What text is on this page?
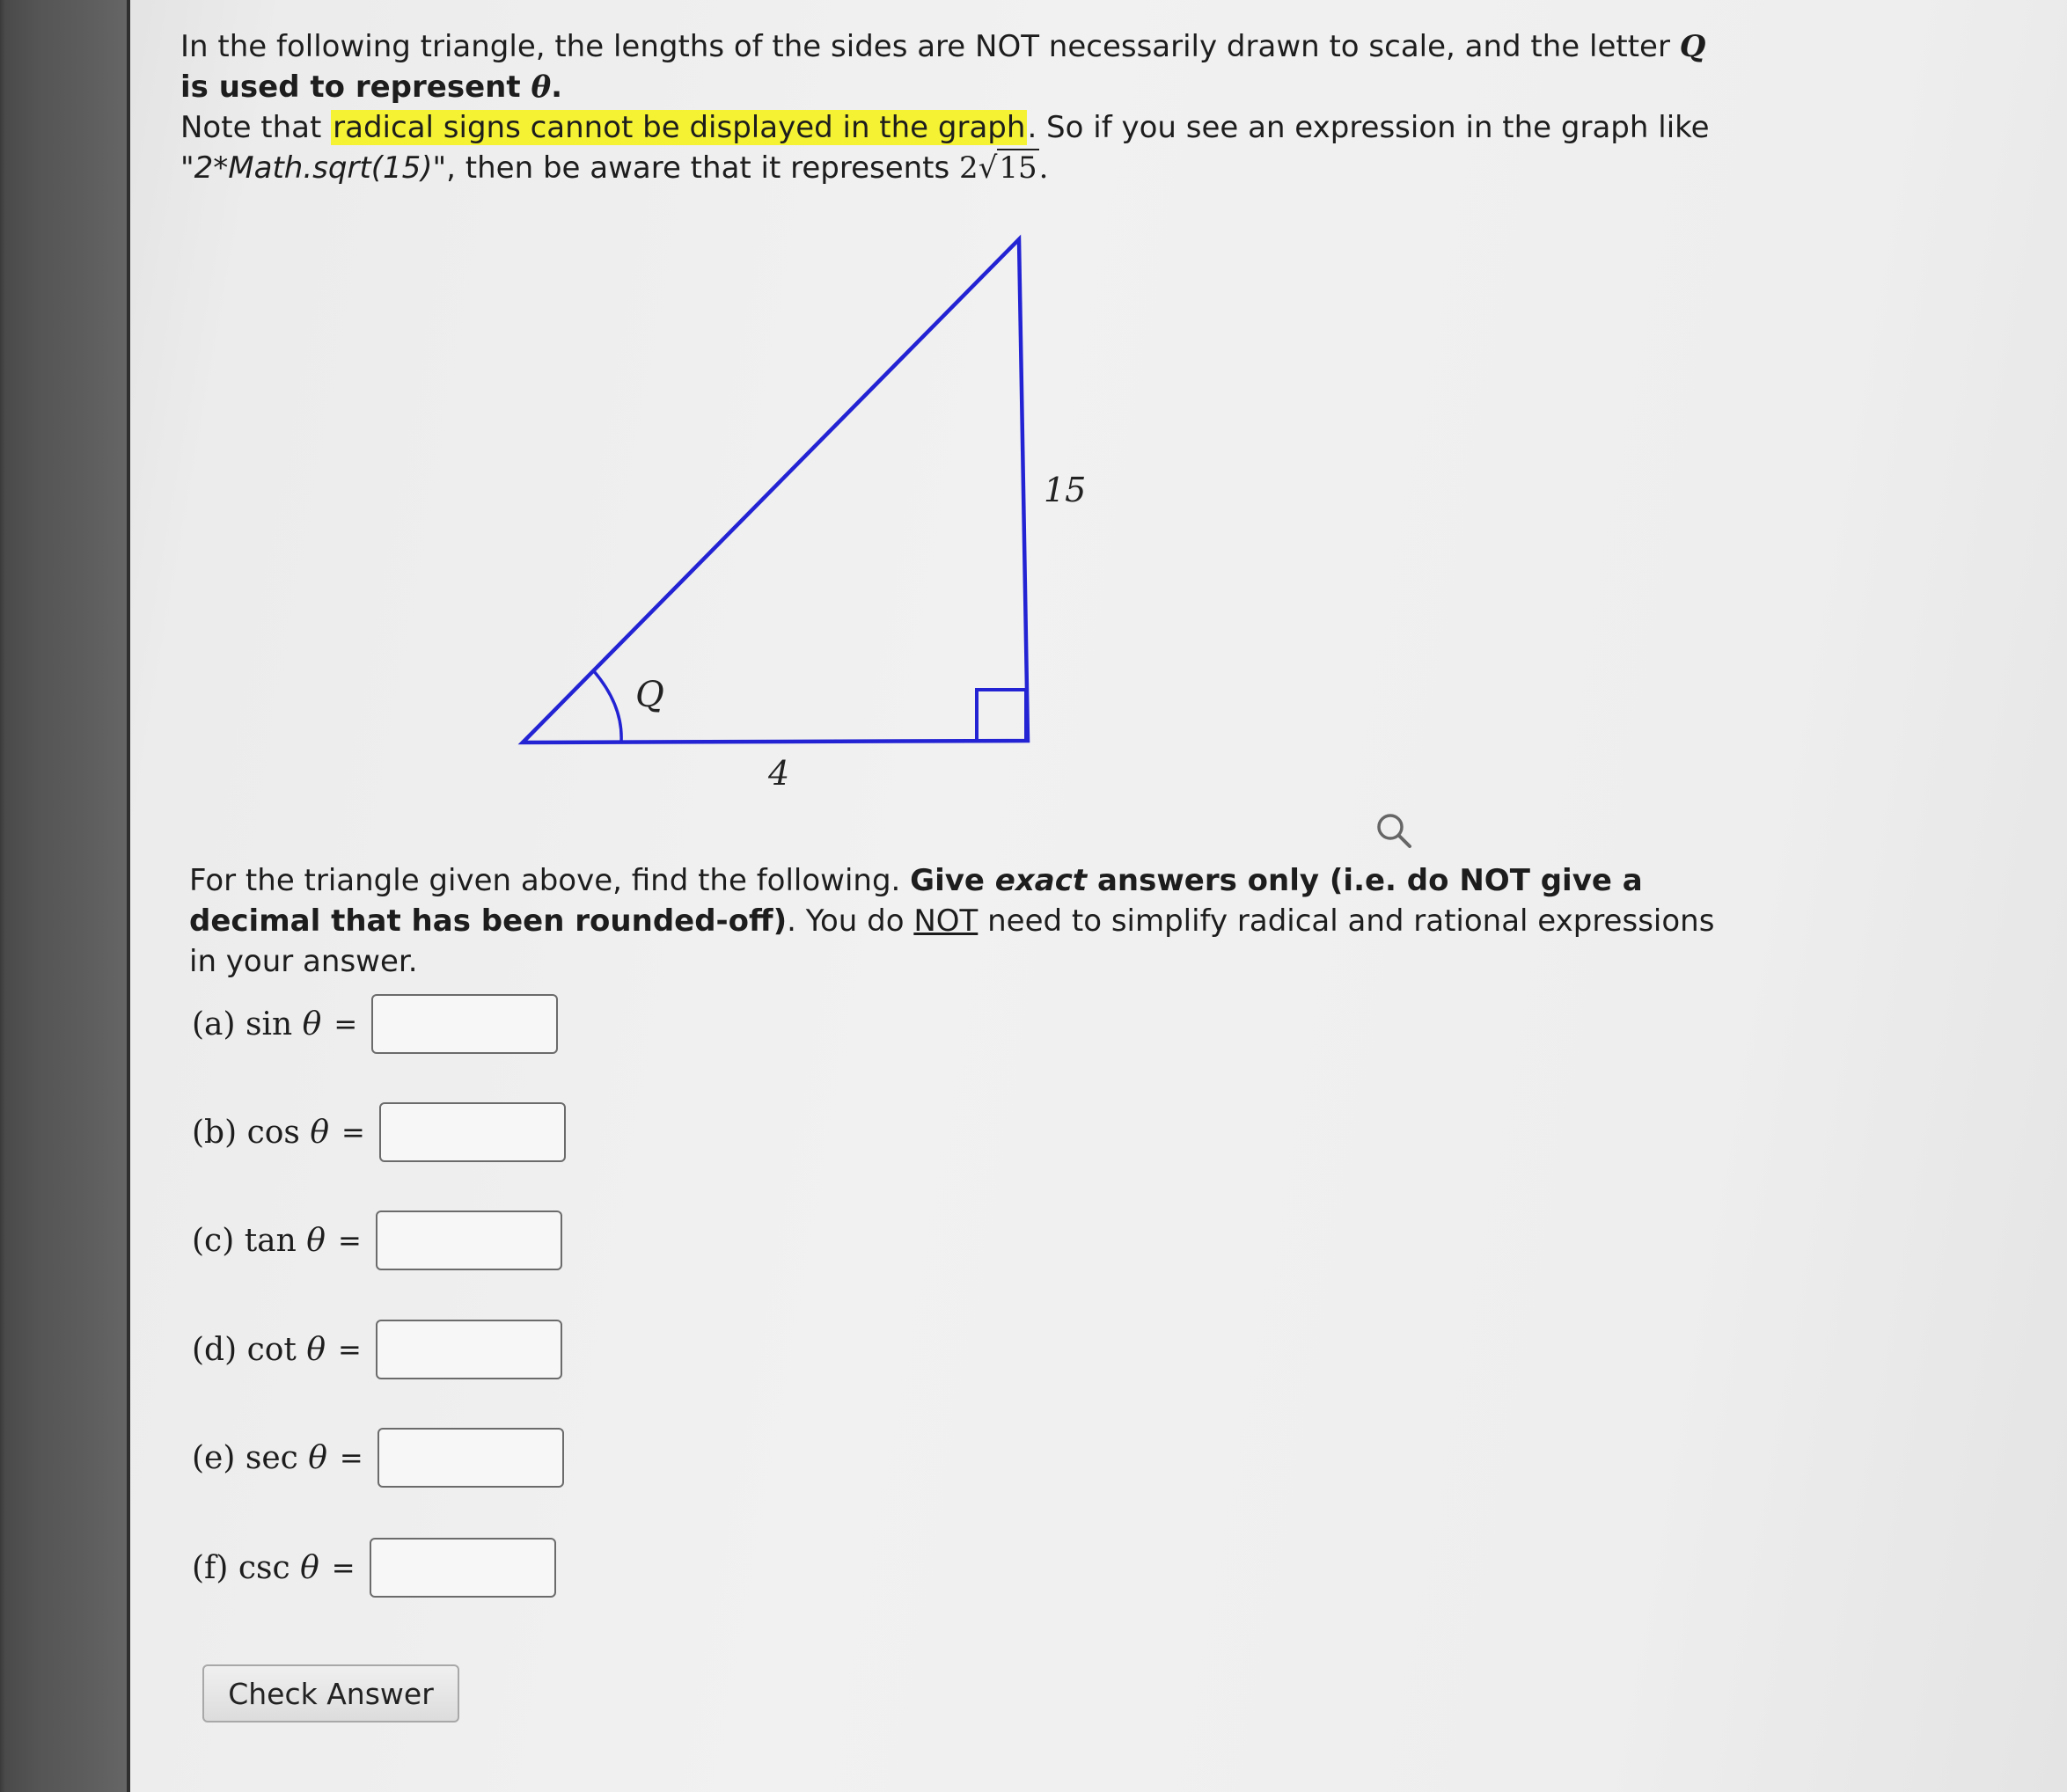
In the following triangle, the lengths of the sides are NOT necessarily drawn to scale, and the letter Q is used to represent θ.

Note that radical signs cannot be displayed in the graph. So if you see an expression in the graph like "2*Math.sqrt(15)", then be aware that it represents 2√15.

Q
15
4

For the triangle given above, find the following. Give exact answers only (i.e. do NOT give a decimal that has been rounded-off). You do NOT need to simplify radical and rational expressions in your answer.

(a) sin θ =
(b) cos θ =
(c) tan θ =
(d) cot θ =
(e) sec θ =
(f) csc θ =
Check Answer
